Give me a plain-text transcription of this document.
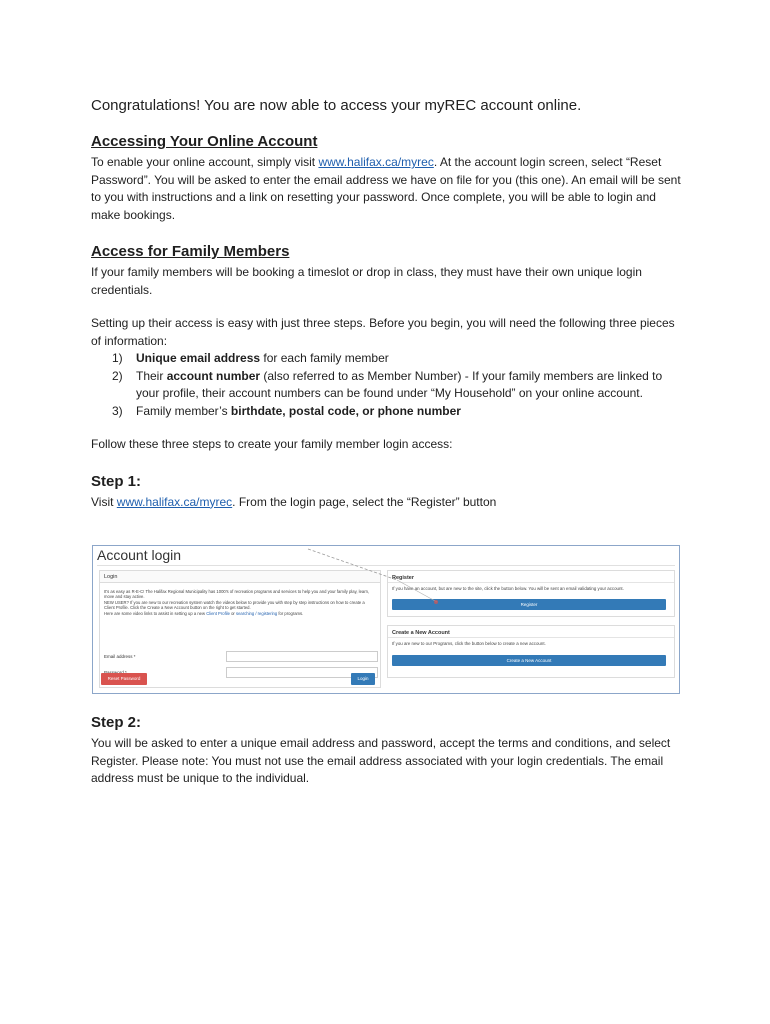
Congratulations! You are now able to access your myREC account online.
Accessing Your Online Account
To enable your online account, simply visit www.halifax.ca/myrec. At the account login screen, select “Reset Password”. You will be asked to enter the email address we have on file for you (this one). An email will be sent to you with instructions and a link on resetting your password. Once complete, you will be able to login and make bookings.
Access for Family Members
If your family members will be booking a timeslot or drop in class, they must have their own unique login credentials.
Setting up their access is easy with just three steps. Before you begin, you will need the following three pieces of information:
1)	Unique email address for each family member
2)	Their account number (also referred to as Member Number) - If your family members are linked to your profile, their account numbers can be found under “My Household” on your online account.
3)	Family member’s birthdate, postal code, or phone number
Follow these three steps to create your family member login access:
Step 1:
Visit www.halifax.ca/myrec. From the login page, select the “Register” button
Account login
Login
It's as easy as R-E-C! The Halifax Regional Municipality has 1000's of recreation programs and services to help you and your family play, learn, move and stay active.
NEW USER? If you are new to our recreation system watch the videos below to provide you with step by step instructions on how to create a Client Profile. Click the Create a New Account button on the right to get started.
Here are some video links to assist in setting up a new Client Profile or searching / registering for programs.
Email address *
Reset Password	Login
Register
If you have an account, but are new to the site, click the button below. You will be sent an email validating your account.
Register
Create a New Account
If you are new to our Programs, click the button below to create a new account.
Create a New Account
Step 2:
You will be asked to enter a unique email address and password, accept the terms and conditions, and select Register. Please note: You must not use the email address associated with your login credentials. The email address must be unique to the individual.
